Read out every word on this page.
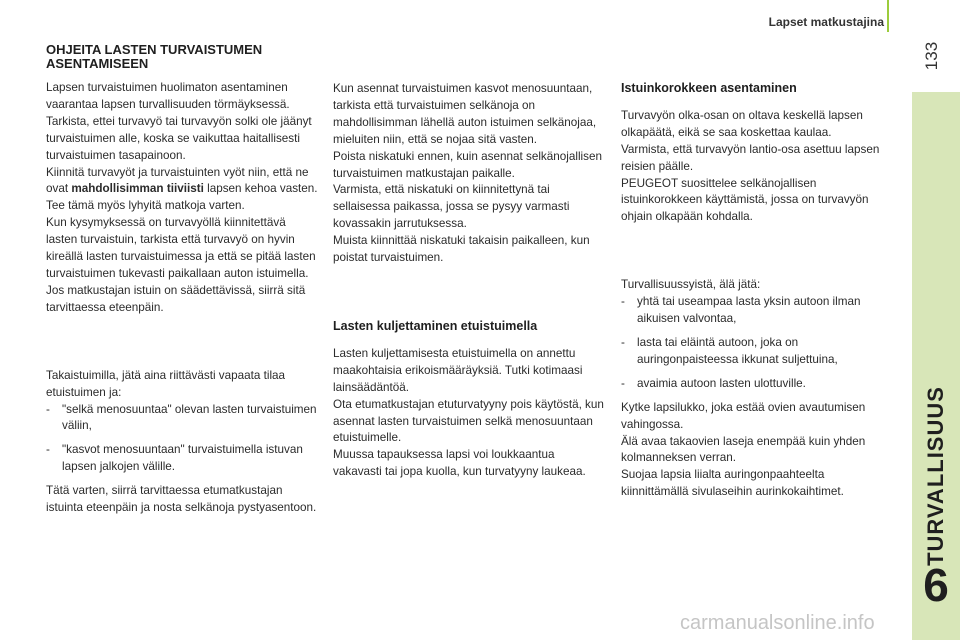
Lapset matkustajina
133
TURVALLISUUS
6
carmanualsonline.info
OHJEITA LASTEN TURVAISTUMEN ASENTAMISEEN

Lapsen turvaistuimen huolimaton asentaminen vaarantaa lapsen turvallisuuden törmäyksessä.
Tarkista, ettei turvavyö tai turvavyön solki ole jäänyt turvaistuimen alle, koska se vaikuttaa haitallisesti turvaistuimen tasapainoon.
Kiinnitä turvavyöt ja turvaistuinten vyöt niin, että ne ovat mahdollisimman tiiviisti lapsen kehoa vasten. Tee tämä myös lyhyitä matkoja varten.
Kun kysymyksessä on turvavyöllä kiinnitettävä lasten turvaistuin, tarkista että turvavyö on hyvin kireällä lasten turvaistuimessa ja että se pitää lasten turvaistuimen tukevasti paikallaan auton istuimella. Jos matkustajan istuin on säädettävissä, siirrä sitä tarvittaessa eteenpäin.

Takaistuimilla, jätä aina riittävästi vapaata tilaa etuistuimen ja:

- "selkä menosuuntaa" olevan lasten turvaistuimen väliin,
- "kasvot menosuuntaan" turvaistuimella istuvan lapsen jalkojen välille.

Tätä varten, siirrä tarvittaessa etumatkustajan istuinta eteenpäin ja nosta selkänoja pystyasentoon.

Kun asennat turvaistuimen kasvot menosuuntaan, tarkista että turvaistuimen selkänoja on mahdollisimman lähellä auton istuimen selkänojaa, mieluiten niin, että se nojaa sitä vasten.
Poista niskatuki ennen, kuin asennat selkänojallisen turvaistuimen matkustajan paikalle.
Varmista, että niskatuki on kiinnitettynä tai sellaisessa paikassa, jossa se pysyy varmasti kovassakin jarrutuksessa.
Muista kiinnittää niskatuki takaisin paikalleen, kun poistat turvaistuimen.

Lasten kuljettaminen etuistuimella

Lasten kuljettamisesta etuistuimella on annettu maakohtaisia erikoismääräyksiä. Tutki kotimaasi lainsäädäntöä.
Ota etumatkustajan etuturvatyyny pois käytöstä, kun asennat lasten turvaistuimen selkä menosuuntaan etuistuimelle.
Muussa tapauksessa lapsi voi loukkaantua vakavasti tai jopa kuolla, kun turvatyyny laukeaa.

Istuinkorokkeen asentaminen

Turvavyön olka-osan on oltava keskellä lapsen olkapäätä, eikä se saa koskettaa kaulaa.
Varmista, että turvavyön lantio-osa asettuu lapsen reisien päälle.
PEUGEOT suosittelee selkänojallisen istuinkorokkeen käyttämistä, jossa on turvavyön ohjain olkapään kohdalla.

Turvallisuussyistä, älä jätä:

- yhtä tai useampaa lasta yksin autoon ilman aikuisen valvontaa,
- lasta tai eläintä autoon, joka on auringonpaisteessa ikkunat suljettuina,
- avaimia autoon lasten ulottuville.

Kytke lapsilukko, joka estää ovien avautumisen vahingossa.
Älä avaa takaovien laseja enempää kuin yhden kolmanneksen verran.
Suojaa lapsia liialta auringonpaahteelta kiinnittämällä sivulaseihin aurinkokaihtimet.
